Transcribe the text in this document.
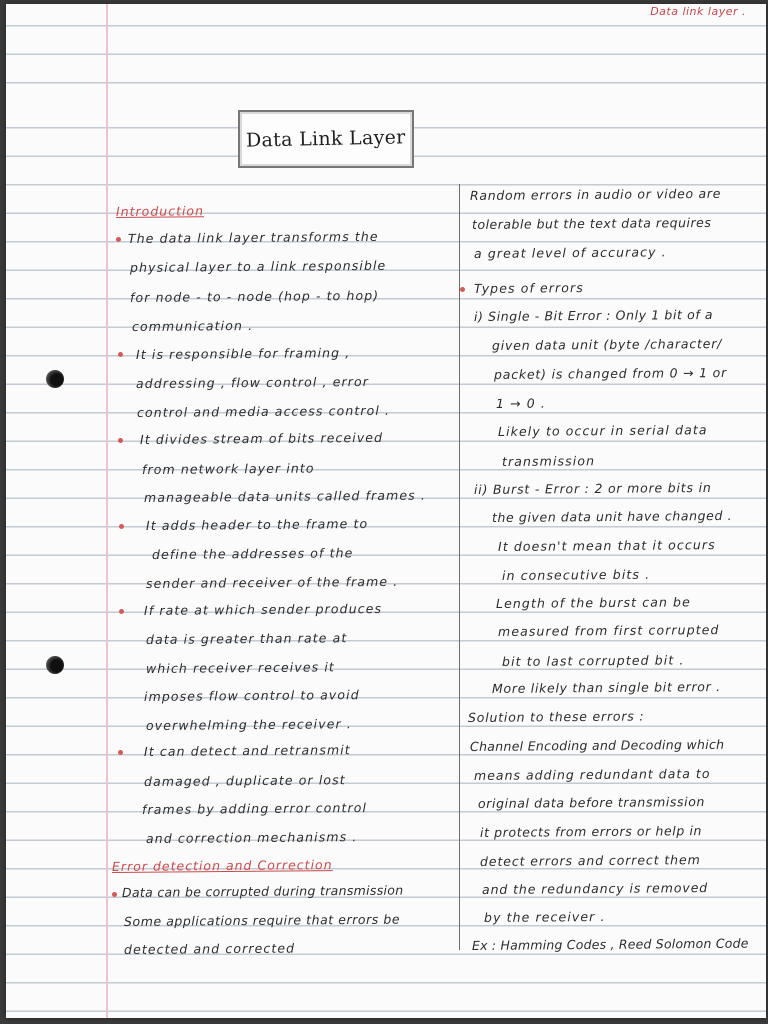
Data link layer .
Data Link Layer
Introduction
The data link layer transforms the
physical layer to a link responsible
for node - to - node (hop - to hop)
communication .
It is responsible for framing ,
addressing , flow control , error
control and media access control .
It divides stream of bits received
from network layer into
manageable data units called frames .
It adds header to the frame to
define the addresses of the
sender and receiver of the frame .
If rate at which sender produces
data is greater than rate at
which receiver receives it
imposes flow control to avoid
overwhelming the receiver .
It can detect and retransmit
damaged , duplicate or lost
frames by adding error control
and correction mechanisms .
Error detection and Correction
Data can be corrupted during transmission
Some applications require that errors be
detected and corrected
Random errors in audio or video are
tolerable but the text data requires
a great level of accuracy .
Types of errors
i) Single - Bit Error : Only 1 bit of a
given data unit (byte /character/
packet) is changed from 0 → 1 or
1 → 0 .
Likely to occur in serial data
transmission
ii) Burst - Error : 2 or more bits in
the given data unit have changed .
It doesn't mean that it occurs
in consecutive bits .
Length of the burst can be
measured from first corrupted
bit to last corrupted bit .
More likely than single bit error .
Solution to these errors :
Channel Encoding and Decoding which
means adding redundant data to
original data before transmission
it protects from errors or help in
detect errors and correct them
and the redundancy is removed
by the receiver .
Ex : Hamming Codes , Reed Solomon Code
